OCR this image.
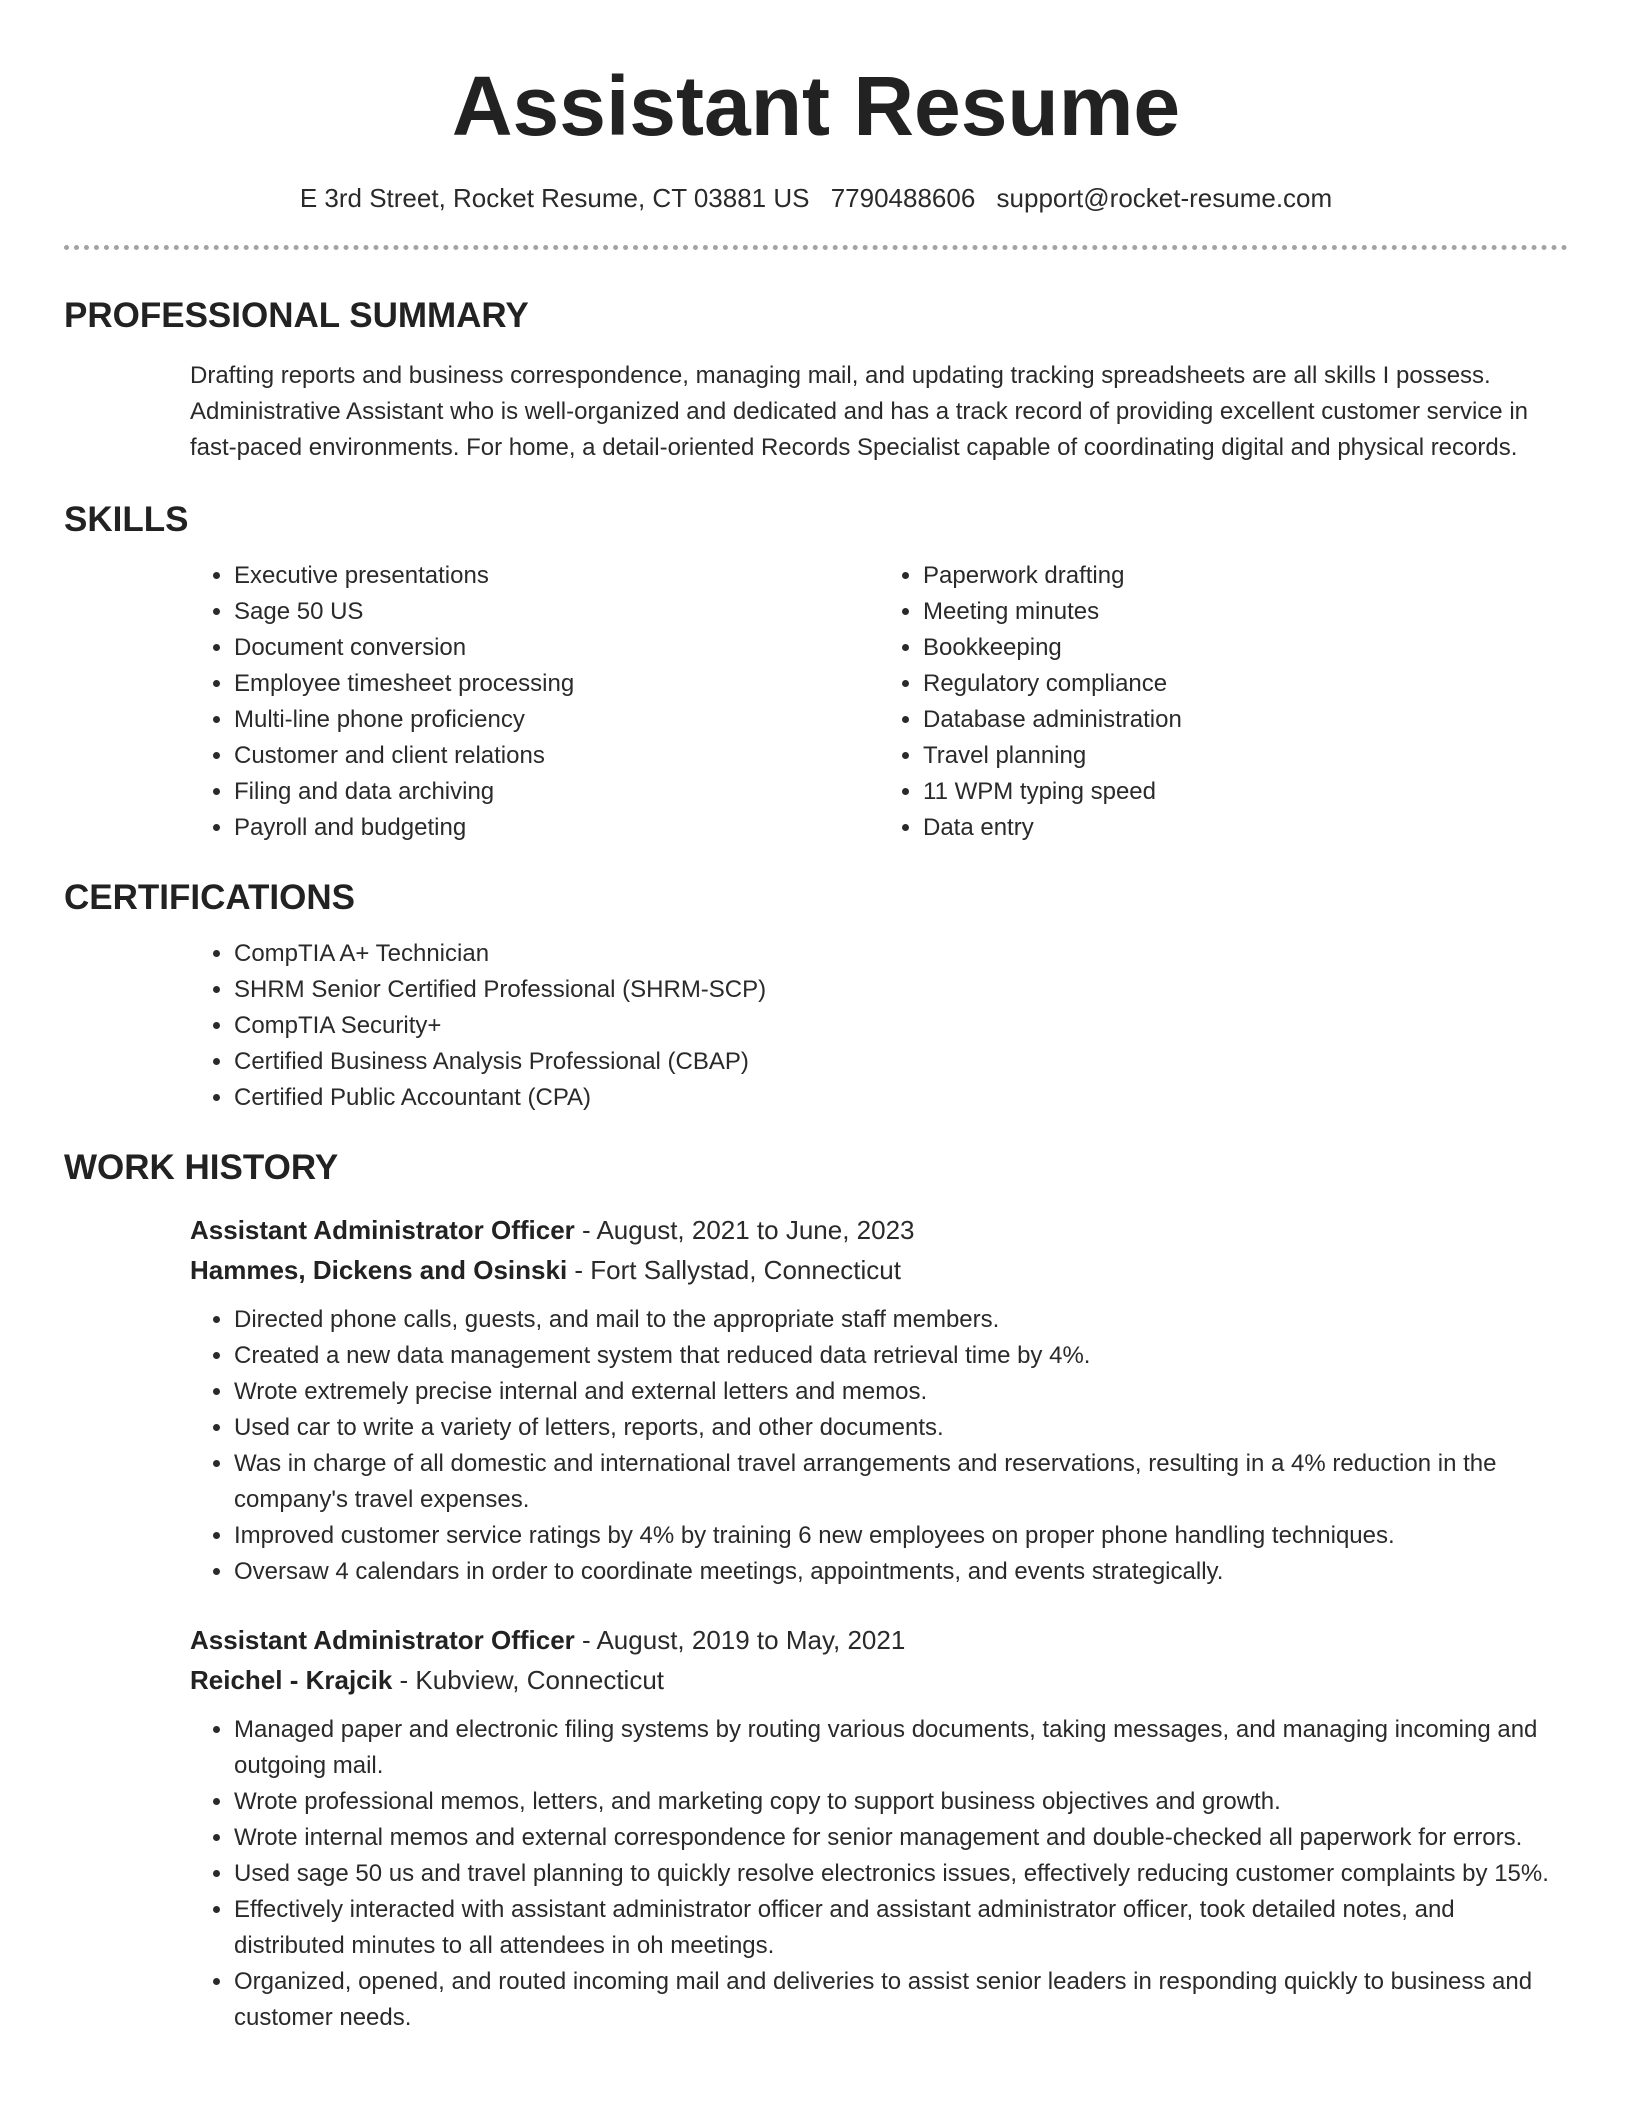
Assistant Resume
E 3rd Street, Rocket Resume, CT 03881 US 7790488606 support@rocket-resume.com
PROFESSIONAL SUMMARY

Drafting reports and business correspondence, managing mail, and updating tracking spreadsheets are all skills I possess. Administrative Assistant who is well-organized and dedicated and has a track record of providing excellent customer service in fast-paced environments. For home, a detail-oriented Records Specialist capable of coordinating digital and physical records.

SKILLS
• Executive presentations
• Sage 50 US
• Document conversion
• Employee timesheet processing
• Multi-line phone proficiency
• Customer and client relations
• Filing and data archiving
• Payroll and budgeting
• Paperwork drafting
• Meeting minutes
• Bookkeeping
• Regulatory compliance
• Database administration
• Travel planning
• 11 WPM typing speed
• Data entry
CERTIFICATIONS
• CompTIA A+ Technician
• SHRM Senior Certified Professional (SHRM-SCP)
• CompTIA Security+
• Certified Business Analysis Professional (CBAP)
• Certified Public Accountant (CPA)
WORK HISTORY
Assistant Administrator Officer - August, 2021 to June, 2023
Hammes, Dickens and Osinski - Fort Sallystad, Connecticut
• Directed phone calls, guests, and mail to the appropriate staff members.
• Created a new data management system that reduced data retrieval time by 4%.
• Wrote extremely precise internal and external letters and memos.
• Used car to write a variety of letters, reports, and other documents.
• Was in charge of all domestic and international travel arrangements and reservations, resulting in a 4% reduction in the company's travel expenses.
• Improved customer service ratings by 4% by training 6 new employees on proper phone handling techniques.
• Oversaw 4 calendars in order to coordinate meetings, appointments, and events strategically.
Assistant Administrator Officer - August, 2019 to May, 2021
Reichel - Krajcik - Kubview, Connecticut
• Managed paper and electronic filing systems by routing various documents, taking messages, and managing incoming and outgoing mail.
• Wrote professional memos, letters, and marketing copy to support business objectives and growth.
• Wrote internal memos and external correspondence for senior management and double-checked all paperwork for errors.
• Used sage 50 us and travel planning to quickly resolve electronics issues, effectively reducing customer complaints by 15%.
• Effectively interacted with assistant administrator officer and assistant administrator officer, took detailed notes, and distributed minutes to all attendees in oh meetings.
• Organized, opened, and routed incoming mail and deliveries to assist senior leaders in responding quickly to business and customer needs.
